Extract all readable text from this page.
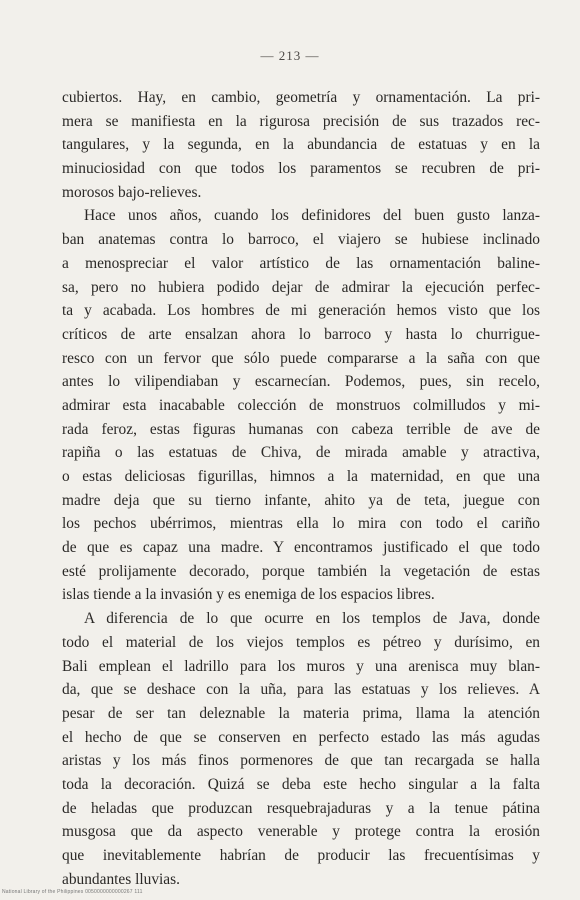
— 213 —
cubiertos. Hay, en cambio, geometría y ornamentación. La pri-
mera se manifiesta en la rigurosa precisión de sus trazados rec-
tangulares, y la segunda, en la abundancia de estatuas y en la
minuciosidad con que todos los paramentos se recubren de pri-
morosos bajo-relieves.
Hace unos años, cuando los definidores del buen gusto lanza-
ban anatemas contra lo barroco, el viajero se hubiese inclinado
a menospreciar el valor artístico de las ornamentación baline-
sa, pero no hubiera podido dejar de admirar la ejecución perfec-
ta y acabada. Los hombres de mi generación hemos visto que los
críticos de arte ensalzan ahora lo barroco y hasta lo churrigue-
resco con un fervor que sólo puede compararse a la saña con que
antes lo vilipendiaban y escarnecían. Podemos, pues, sin recelo,
admirar esta inacabable colección de monstruos colmilludos y mi-
rada feroz, estas figuras humanas con cabeza terrible de ave de
rapiña o las estatuas de Chiva, de mirada amable y atractiva,
o estas deliciosas figurillas, himnos a la maternidad, en que una
madre deja que su tierno infante, ahito ya de teta, juegue con
los pechos ubérrimos, mientras ella lo mira con todo el cariño
de que es capaz una madre. Y encontramos justificado el que todo
esté prolijamente decorado, porque también la vegetación de estas
islas tiende a la invasión y es enemiga de los espacios libres.
A diferencia de lo que ocurre en los templos de Java, donde
todo el material de los viejos templos es pétreo y durísimo, en
Bali emplean el ladrillo para los muros y una arenisca muy blan-
da, que se deshace con la uña, para las estatuas y los relieves. A
pesar de ser tan deleznable la materia prima, llama la atención
el hecho de que se conserven en perfecto estado las más agudas
aristas y los más finos pormenores de que tan recargada se halla
toda la decoración. Quizá se deba este hecho singular a la falta
de heladas que produzcan resquebrajaduras y a la tenue pátina
musgosa que da aspecto venerable y protege contra la erosión
que inevitablemente habrían de producir las frecuentísimas y
abundantes lluvias.
National Library of the Philippines 0050000000000267 111
